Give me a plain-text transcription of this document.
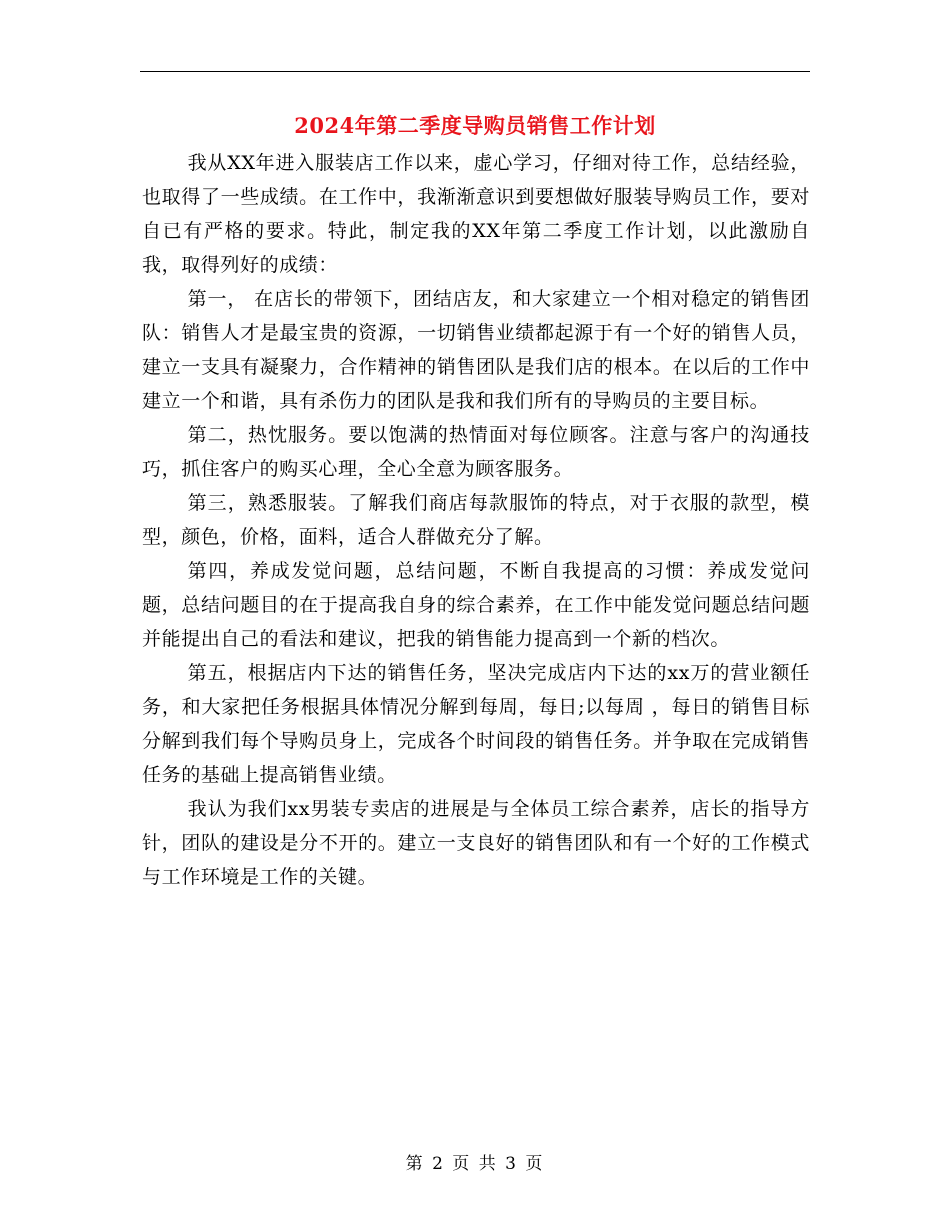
2024年第二季度导购员销售工作计划

我从XX年进入服装店工作以来，虚心学习，仔细对待工作，总结经验，也取得了一些成绩。在工作中，我渐渐意识到要想做好服装导购员工作，要对自已有严格的要求。特此，制定我的XX年第二季度工作计划，以此激励自我，取得列好的成绩：

第一， 在店长的带领下，团结店友，和大家建立一个相对稳定的销售团队：销售人才是最宝贵的资源，一切销售业绩都起源于有一个好的销售人员，建立一支具有凝聚力，合作精神的销售团队是我们店的根本。在以后的工作中建立一个和谐，具有杀伤力的团队是我和我们所有的导购员的主要目标。

第二，热忱服务。要以饱满的热情面对每位顾客。注意与客户的沟通技巧，抓住客户的购买心理，全心全意为顾客服务。

第三，熟悉服装。了解我们商店每款服饰的特点，对于衣服的款型，模型，颜色，价格，面料，适合人群做充分了解。

第四，养成发觉问题，总结问题，不断自我提高的习惯：养成发觉问题，总结问题目的在于提高我自身的综合素养，在工作中能发觉问题总结问题并能提出自己的看法和建议，把我的销售能力提高到一个新的档次。

第五，根据店内下达的销售任务，坚决完成店内下达的xx万的营业额任务，和大家把任务根据具体情况分解到每周，每日;以每周 ，每日的销售目标分解到我们每个导购员身上，完成各个时间段的销售任务。并争取在完成销售任务的基础上提高销售业绩。

我认为我们xx男装专卖店的进展是与全体员工综合素养，店长的指导方针，团队的建设是分不开的。建立一支良好的销售团队和有一个好的工作模式与工作环境是工作的关键。

第 2 页 共 3 页
